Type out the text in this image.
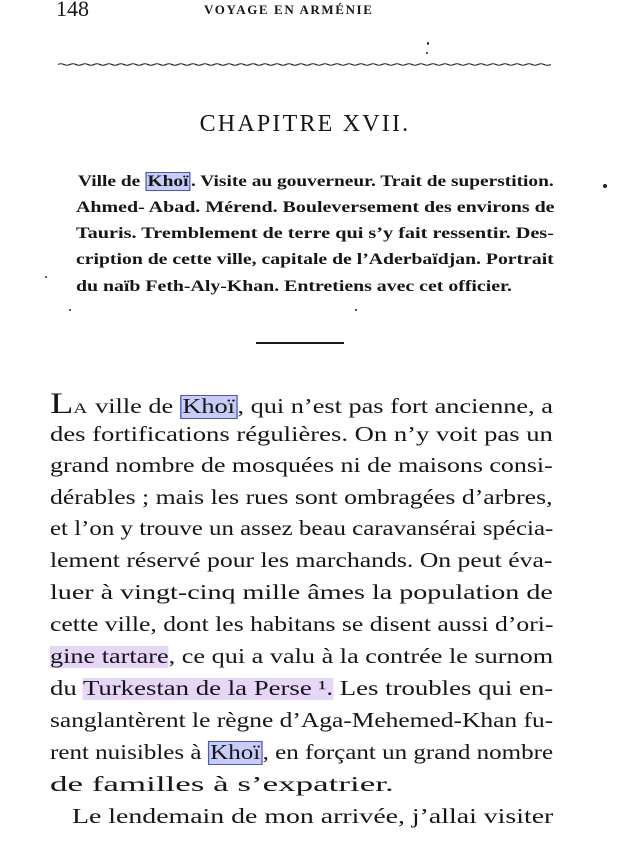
148	VOYAGE EN ARMÉNIE
CHAPITRE XVII.
Ville de Khoï . Visite au gouverneur. Trait de superstition.
Ahmed- Abad. Mérend. Bouleversement des environs de
Tauris. Tremblement de terre qui s’y fait ressentir. Des-
cription de cette ville, capitale de l’Aderbaïdjan. Portrait
du naïb Feth-Aly-Khan. Entretiens avec cet officier.
LA ville de Khoï , qui n’est pas fort ancienne, a
des fortifications régulières. On n’y voit pas un
grand nombre de mosquées ni de maisons consi-
dérables ; mais les rues sont ombragées d’arbres,
et l’on y trouve un assez beau caravansérai spécia-
lement réservé pour les marchands. On peut éva-
luer à vingt-cinq mille âmes la population de
cette ville, dont les habitans se disent aussi d’ori-
gine tartare, ce qui a valu à la contrée le surnom
du Turkestan de la Perse ¹. Les troubles qui en-
sanglantèrent le règne d’Aga-Mehemed-Khan fu-
rent nuisibles à Khoï , en forçant un grand nombre
de familles à s’expatrier.
Le lendemain de mon arrivée, j’allai visiter
